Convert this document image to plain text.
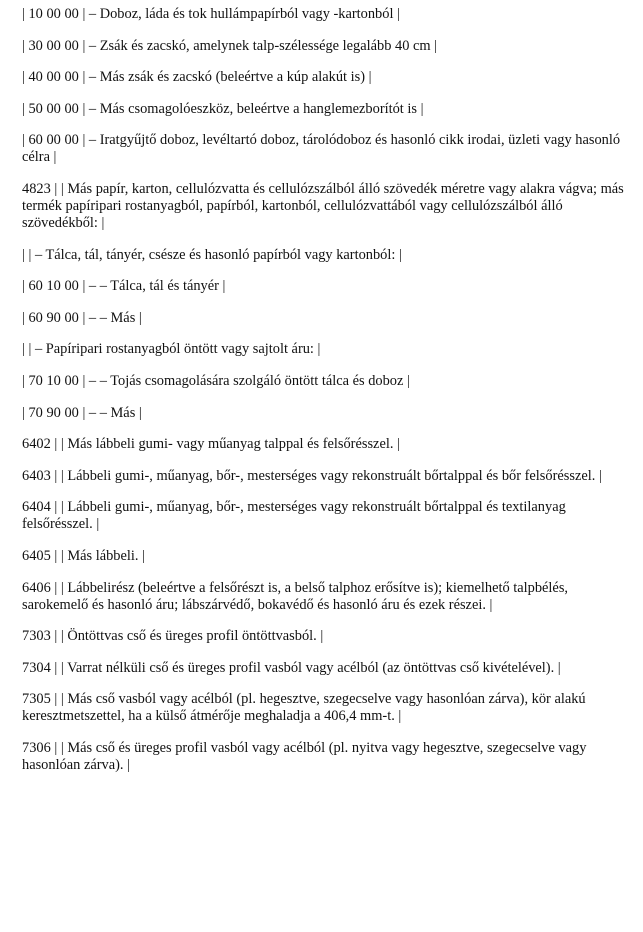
| 10 00 00 | – Doboz, láda és tok hullámpapírból vagy -kartonból |

| 30 00 00 | – Zsák és zacskó, amelynek talp-szélessége legalább 40 cm |

| 40 00 00 | – Más zsák és zacskó (beleértve a kúp alakút is) |

| 50 00 00 | – Más csomagolóeszköz, beleértve a hanglemezborítót is |

| 60 00 00 | – Iratgyűjtő doboz, levéltartó doboz, tárolódoboz és hasonló cikk irodai, üzleti vagy hasonló célra |

4823 | | Más papír, karton, cellulózvatta és cellulózszálból álló szövedék méretre vagy alakra vágva; más termék papíripari rostanyagból, papírból, kartonból, cellulózvattából vagy cellulózszálból álló szövedékből: |

| | – Tálca, tál, tányér, csésze és hasonló papírból vagy kartonból: |

| 60 10 00 | – – Tálca, tál és tányér |

| 60 90 00 | – – Más |

| | – Papíripari rostanyagból öntött vagy sajtolt áru: |

| 70 10 00 | – – Tojás csomagolására szolgáló öntött tálca és doboz |

| 70 90 00 | – – Más |

6402 | | Más lábbeli gumi- vagy műanyag talppal és felsőrésszel. |

6403 | | Lábbeli gumi-, műanyag, bőr-, mesterséges vagy rekonstruált bőrtalppal és bőr felsőrésszel. |

6404 | | Lábbeli gumi-, műanyag, bőr-, mesterséges vagy rekonstruált bőrtalppal és textilanyag felsőrésszel. |

6405 | | Más lábbeli. |

6406 | | Lábbelirész (beleértve a felsőrészt is, a belső talphoz erősítve is); kiemelhető talpbélés, sarokemelő és hasonló áru; lábszárvédő, bokavédő és hasonló áru és ezek részei. |

7303 | | Öntöttvas cső és üreges profil öntöttvasból. |

7304 | | Varrat nélküli cső és üreges profil vasból vagy acélból (az öntöttvas cső kivételével). |

7305 | | Más cső vasból vagy acélból (pl. hegesztve, szegecselve vagy hasonlóan zárva), kör alakú keresztmetszettel, ha a külső átmérője meghaladja a 406,4 mm-t. |

7306 | | Más cső és üreges profil vasból vagy acélból (pl. nyitva vagy hegesztve, szegecselve vagy hasonlóan zárva). |
